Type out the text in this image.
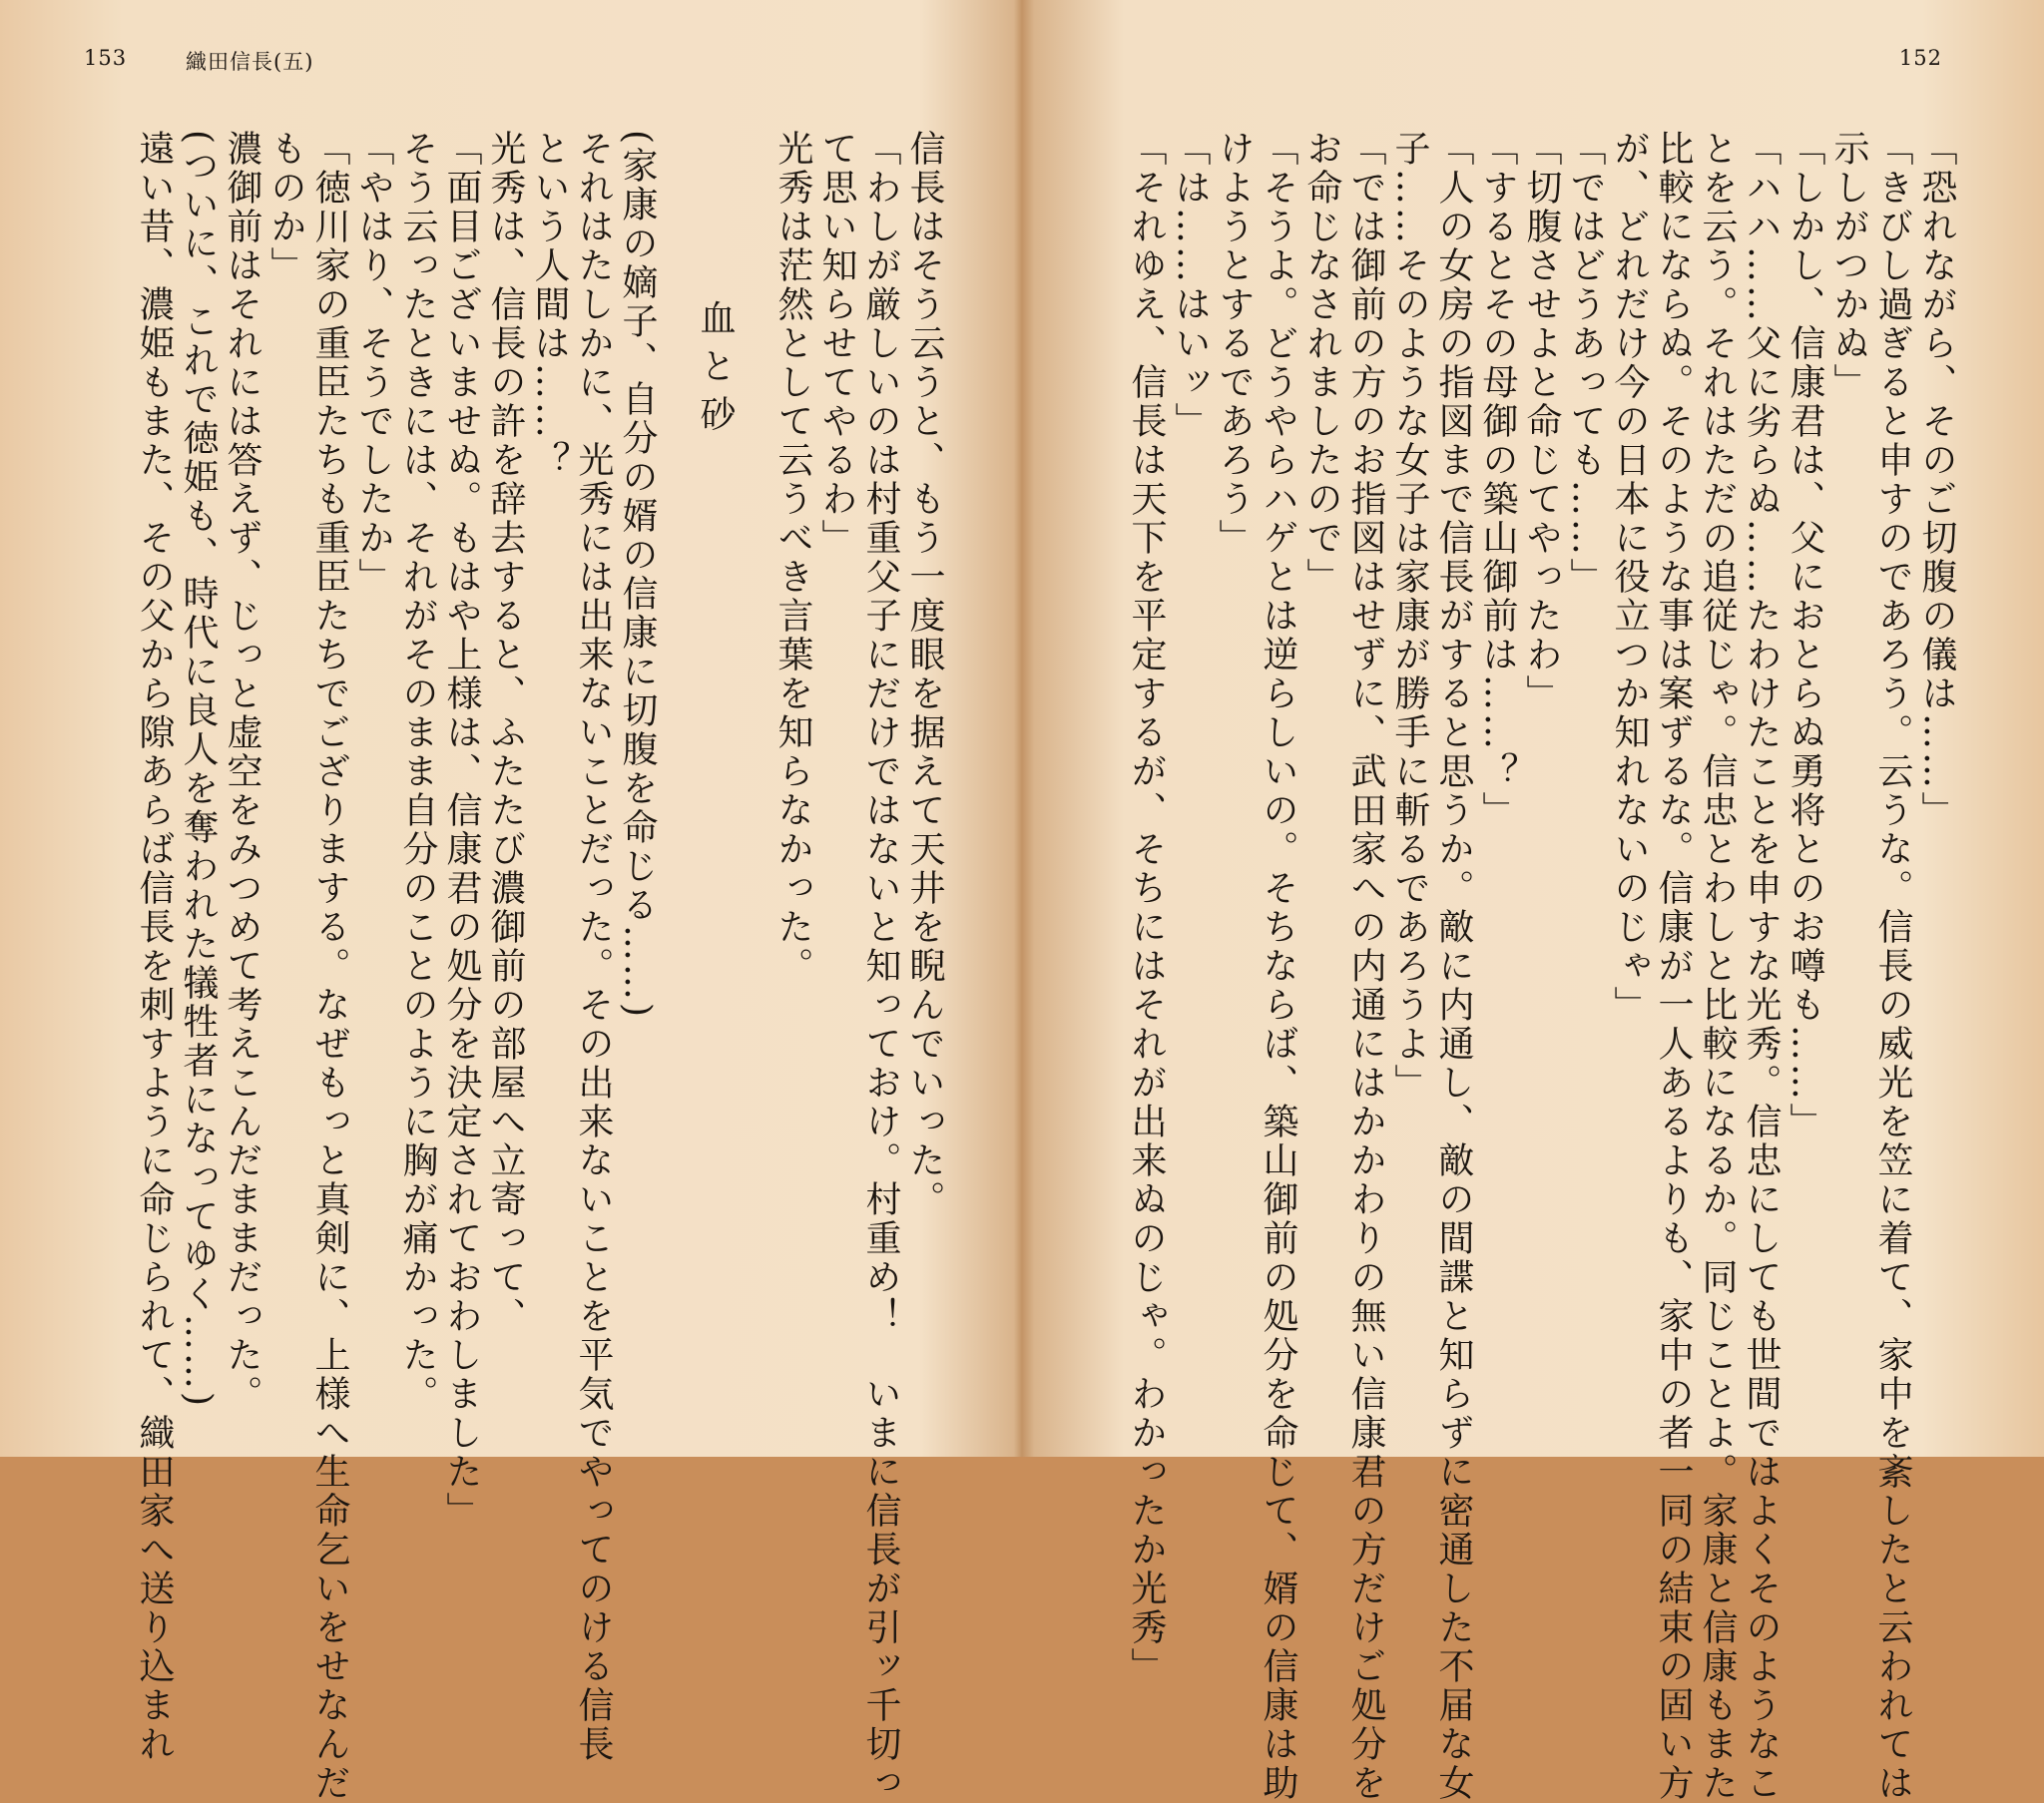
153	織田信長(五)
信長はそう云うと、もう一度眼を据えて天井を睨んでいった。
「わしが厳しいのは村重父子にだけではないと知っておけ。村重め！　いまに信長が引ッ千切っ
て思い知らせてやるわ」
光秀は茫然として云うべき言葉を知らなかった。
血と砂
(家康の嫡子、自分の婿の信康に切腹を命じる……)
それはたしかに、光秀には出来ないことだった。その出来ないことを平気でやってのける信長
という人間は……？
光秀は、信長の許を辞去すると、ふたたび濃御前の部屋へ立寄って、
「面目ございませぬ。もはや上様は、信康君の処分を決定されておわしました」
そう云ったときには、それがそのまま自分のことのように胸が痛かった。
「やはり、そうでしたか」
「徳川家の重臣たちも重臣たちでござりまする。なぜもっと真剣に、上様へ生命乞いをせなんだ
ものか」
濃御前はそれには答えず、じっと虚空をみつめて考えこんだままだった。
(ついに、これで徳姫も、時代に良人を奪われた犠牲者になってゆく……)
遠い昔、濃姫もまた、その父から隙あらば信長を刺すように命じられて、織田家へ送り込まれ
152
「恐れながら、そのご切腹の儀は……」
「きびし過ぎると申すのであろう。云うな。信長の威光を笠に着て、家中を紊したと云われては
示しがつかぬ」
「しかし、信康君は、父におとらぬ勇将とのお噂も……」
「ハハ……父に劣らぬ……たわけたことを申すな光秀。信忠にしても世間ではよくそのようなこ
とを云う。それはただの追従じゃ。信忠とわしと比較になるか。同じことよ。家康と信康もまた
比較にならぬ。そのような事は案ずるな。信康が一人あるよりも、家中の者一同の結束の固い方
が、どれだけ今の日本に役立つか知れないのじゃ」
「ではどうあっても……」
「切腹させよと命じてやったわ」
「するとその母御の築山御前は……？」
「人の女房の指図まで信長がすると思うか。敵に内通し、敵の間諜と知らずに密通した不届な女
子……そのような女子は家康が勝手に斬るであろうよ」
「では御前の方のお指図はせずに、武田家への内通にはかかわりの無い信康君の方だけご処分を
お命じなされましたので」
「そうよ。どうやらハゲとは逆らしいの。そちならば、築山御前の処分を命じて、婿の信康は助
けようとするであろう」
「は……はいッ」
「それゆえ、信長は天下を平定するが、そちにはそれが出来ぬのじゃ。わかったか光秀」
